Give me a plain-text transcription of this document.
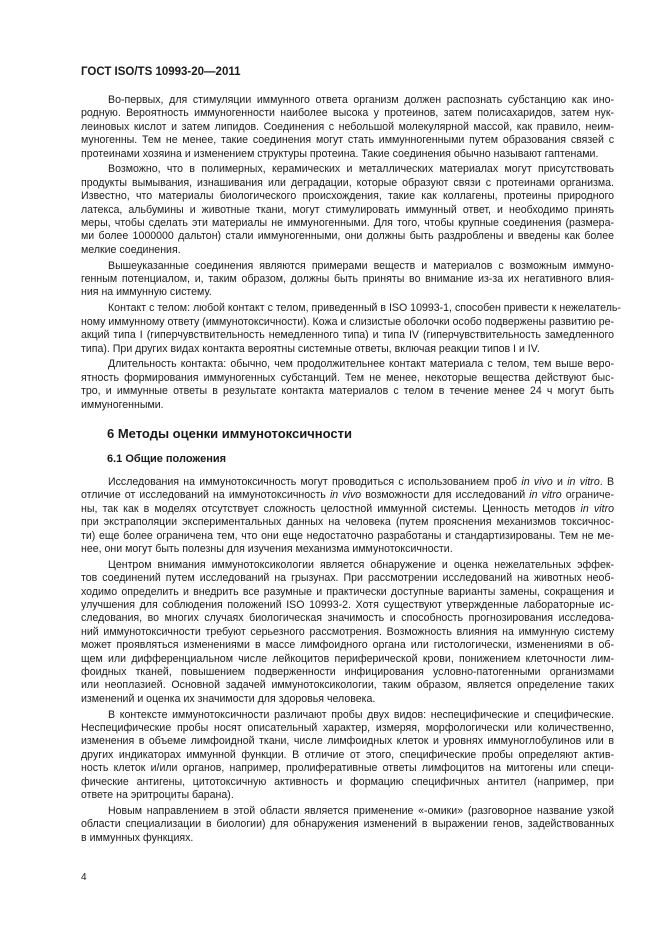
ГОСТ ISO/TS 10993-20—2011
Во-первых, для стимуляции иммунного ответа организм должен распознать субстанцию как ино-
родную. Вероятность иммуногенности наиболее высока у протеинов, затем полисахаридов, затем нук-
леиновых кислот и затем липидов. Соединения с небольшой молекулярной массой, как правило, неим-
муногенны. Тем не менее, такие соединения могут стать иммунногенными путем образования связей с
протеинами хозяина и изменением структуры протеина. Такие соединения обычно называют гаптенами.
Возможно, что в полимерных, керамических и металлических материалах могут присутствовать
продукты вымывания, изнашивания или деградации, которые образуют связи с протеинами организма.
Известно, что материалы биологического происхождения, такие как коллагены, протеины природного
латекса, альбумины и животные ткани, могут стимулировать иммунный ответ, и необходимо принять
меры, чтобы сделать эти материалы не иммуногенными. Для того, чтобы крупные соединения (размера-
ми более 1000000 дальтон) стали иммуногенными, они должны быть раздроблены и введены как более
мелкие соединения.
Вышеуказанные соединения являются примерами веществ и материалов с возможным иммуно-
генным потенциалом, и, таким образом, должны быть приняты во внимание из-за их негативного влия-
ния на иммунную систему.
Контакт с телом: любой контакт с телом, приведенный в ISO 10993-1, способен привести к нежелатель-
ному иммунному ответу (иммунотоксичности). Кожа и слизистые оболочки особо подвержены развитию ре-
акций типа I (гиперчувствительность немедленного типа) и типа IV (гиперчувствительность замедленного
типа). При других видах контакта вероятны системные ответы, включая реакции типов I и IV.
Длительность контакта: обычно, чем продолжительнее контакт материала с телом, тем выше веро-
ятность формирования иммуногенных субстанций. Тем не менее, некоторые вещества действуют быс-
тро, и иммунные ответы в результате контакта материалов с телом в течение менее 24 ч могут быть
иммуногенными.
6 Методы оценки иммунотоксичности
6.1 Общие положения
Исследования на иммунотоксичность могут проводиться с использованием проб in vivo и in vitro. В
отличие от исследований на иммунотоксичность in vivo возможности для исследований in vitro ограниче-
ны, так как в моделях отсутствует сложность целостной иммунной системы. Ценность методов in vitro
при экстраполяции экспериментальных данных на человека (путем прояснения механизмов токсичнос-
ти) еще более ограничена тем, что они еще недостаточно разработаны и стандартизированы. Тем не ме-
нее, они могут быть полезны для изучения механизма иммунотоксичности.
Центром внимания иммунотоксикологии является обнаружение и оценка нежелательных эффек-
тов соединений путем исследований на грызунах. При рассмотрении исследований на животных необ-
ходимо определить и внедрить все разумные и практически доступные варианты замены, сокращения и
улучшения для соблюдения положений ISO 10993-2. Хотя существуют утвержденные лабораторные ис-
следования, во многих случаях биологическая значимость и способность прогнозирования исследова-
ний иммунотоксичности требуют серьезного рассмотрения. Возможность влияния на иммунную систему
может проявляться изменениями в массе лимфоидного органа или гистологически, изменениями в об-
щем или дифференциальном числе лейкоцитов периферической крови, понижением клеточности лим-
фоидных тканей, повышением подверженности инфицирования условно-патогенными организмами
или неоплазией. Основной задачей иммунотоксикологии, таким образом, является определение таких
изменений и оценка их значимости для здоровья человека.
В контексте иммунотоксичности различают пробы двух видов: неспецифические и специфические.
Неспецифические пробы носят описательный характер, измеряя, морфологически или количественно,
изменения в объеме лимфоидной ткани, числе лимфоидных клеток и уровнях иммуноглобулинов или в
других индикаторах иммунной функции. В отличие от этого, специфические пробы определяют актив-
ность клеток и/или органов, например, пролиферативные ответы лимфоцитов на митогены или специ-
фические антигены, цитотоксичную активность и формацию специфичных антител (например, при
ответе на эритроциты барана).
Новым направлением в этой области является применение «-омики» (разговорное название узкой
области специализации в биологии) для обнаружения изменений в выражении генов, задействованных
в иммунных функциях.
4
